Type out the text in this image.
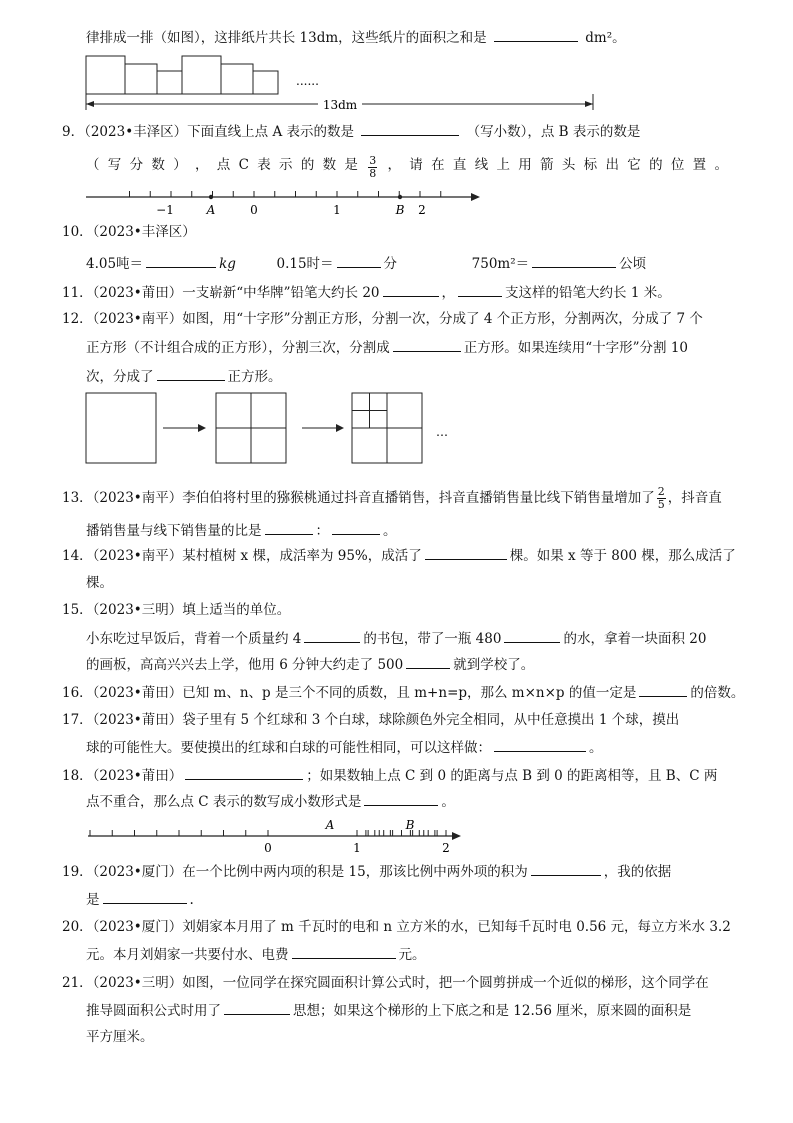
律排成一排（如图），这排纸片共长 13dm，这些纸片的面积之和是	dm²。
......
13dm
9．（2023•丰泽区）下面直线上点 A 表示的数是	（写小数），点 B 表示的数是
（ 写 分 数 ） ， 点 C 表 示 的 数 是 $\frac{3}{8}$ ， 请 在 直 线 上 用 箭 头 标 出 它 的 位 置 。
−1	A	0	1	B 2
10．（2023•丰泽区）
4.05吨＝	kg	0.15时＝	分	750m²＝	公顷
11．（2023•莆田）一支崭新“中华牌”铅笔大约长 20	，	支这样的铅笔大约长 1 米。
12．（2023•南平）如图，用“十字形”分割正方形，分割一次，分成了 4 个正方形，分割两次，分成了 7 个
正方形（不计组合成的正方形），分割三次，分割成	正方形。如果连续用“十字形”分割 10
次，分成了	正方形。
…
13．（2023•南平）李伯伯将村里的猕猴桃通过抖音直播销售，抖音直播销售量比线下销售量增加了 $\frac{2}{5}$ ，抖音直
播销售量与线下销售量的比是	：	。
14．（2023•南平）某村植树 x 棵，成活率为 95%，成活了	棵。如果 x 等于 800 棵，那么成活了
棵。
15．（2023•三明）填上适当的单位。
小东吃过早饭后，背着一个质量约 4	的书包，带了一瓶 480	的水，拿着一块面积 20
的画板，高高兴兴去上学，他用 6 分钟大约走了 500	就到学校了。
16．（2023•莆田）已知 m、n、p 是三个不同的质数，且 m+n=p，那么 m×n×p 的值一定是	的倍数。
17．（2023•莆田）袋子里有 5 个红球和 3 个白球，球除颜色外完全相同，从中任意摸出 1 个球，摸出
球的可能性大。要使摸出的红球和白球的可能性相同，可以这样做：	。
18．（2023•莆田）	；如果数轴上点 C 到 0 的距离与点 B 到 0 的距离相等，且 B、C 两
点不重合，那么点 C 表示的数写成小数形式是	。
A	B
0	1	2
19．（2023•厦门）在一个比例中两内项的积是 15，那该比例中两外项的积为	，我的依据
是	.
20．（2023•厦门）刘娟家本月用了 m 千瓦时的电和 n 立方米的水，已知每千瓦时电 0.56 元，每立方米水 3.2
元。本月刘娟家一共要付水、电费	元。
21．（2023•三明）如图，一位同学在探究圆面积计算公式时，把一个圆剪拼成一个近似的梯形，这个同学在
推导圆面积公式时用了	思想；如果这个梯形的上下底之和是 12.56 厘米，原来圆的面积是
平方厘米。
